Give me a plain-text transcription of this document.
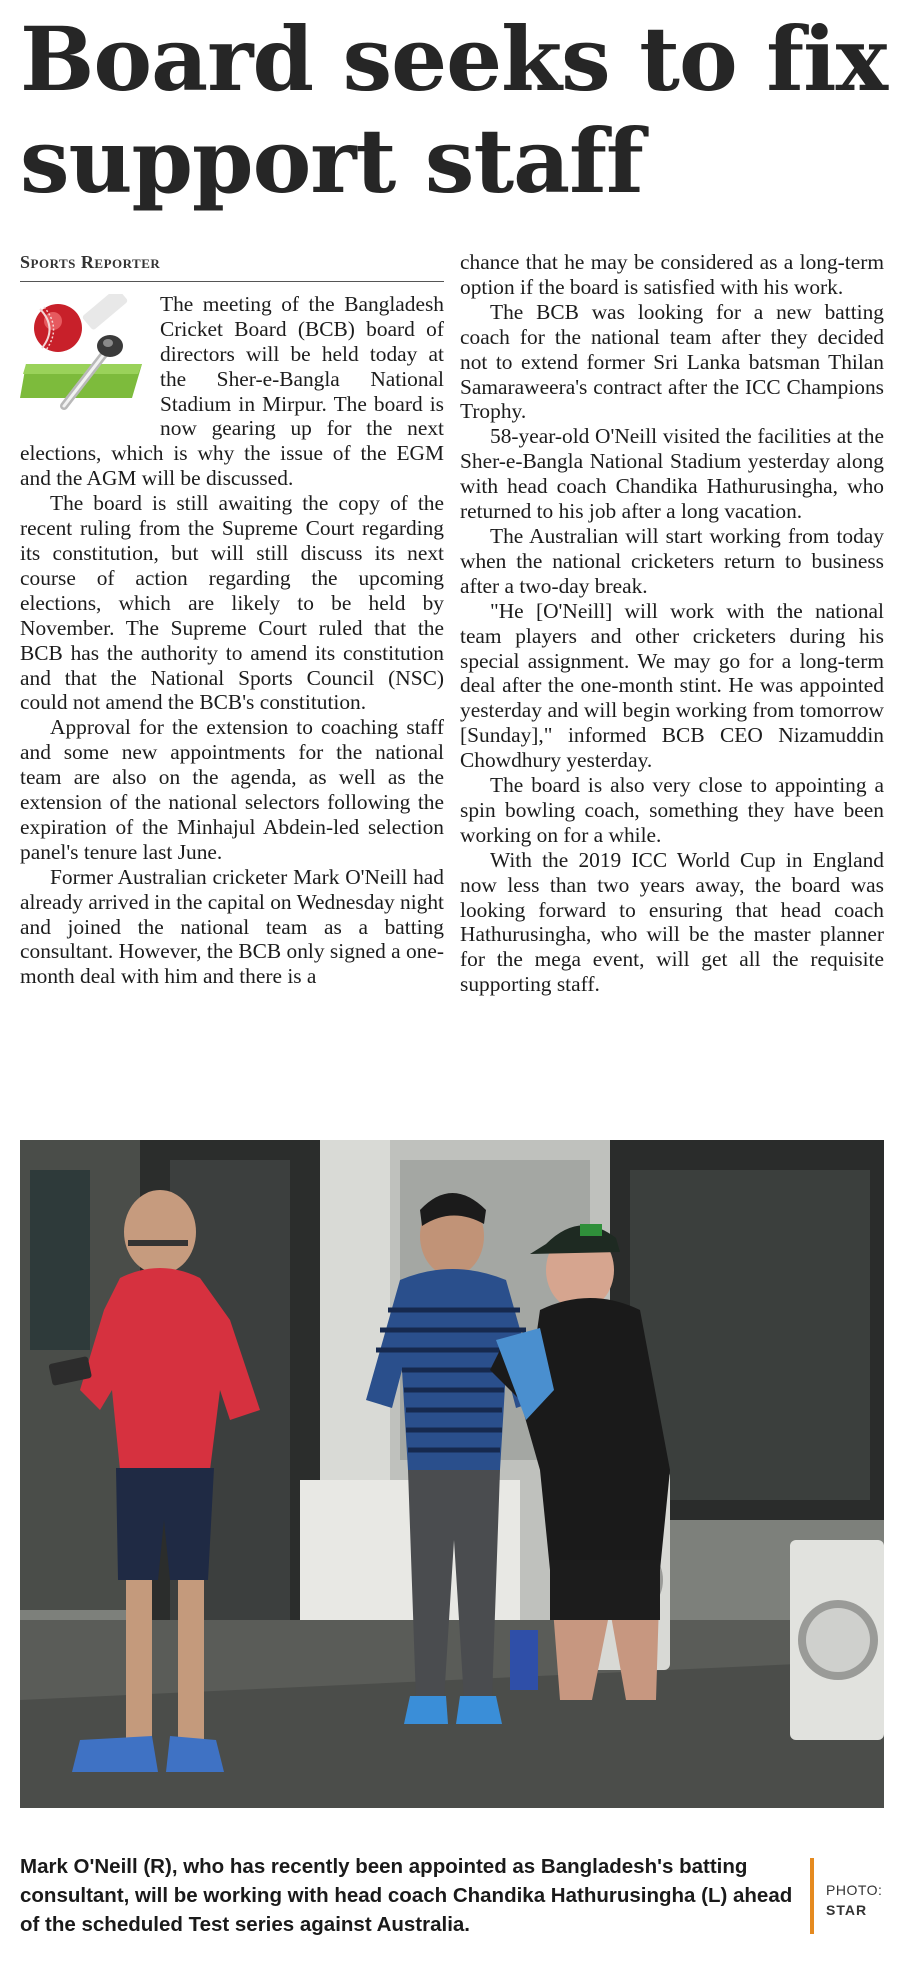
Board seeks to fix support staff
Sports Reporter

The meeting of the Bangladesh Cricket Board (BCB) board of directors will be held today at the Sher-e-Bangla National Stadium in Mirpur. The board is now gearing up for the next elections, which is why the issue of the EGM and the AGM will be discussed.

The board is still awaiting the copy of the recent ruling from the Supreme Court regarding its constitution, but will still discuss its next course of action regarding the upcoming elections, which are likely to be held by November. The Supreme Court ruled that the BCB has the authority to amend its constitution and that the National Sports Council (NSC) could not amend the BCB's constitution.

Approval for the extension to coaching staff and some new appointments for the national team are also on the agenda, as well as the extension of the national selectors following the expiration of the Minhajul Abdein-led selection panel's tenure last June.

Former Australian cricketer Mark O'Neill had already arrived in the capital on Wednesday night and joined the national team as a batting consultant. However, the BCB only signed a one-month deal with him and there is a

chance that he may be considered as a long-term option if the board is satisfied with his work.

The BCB was looking for a new batting coach for the national team after they decided not to extend former Sri Lanka batsman Thilan Samaraweera's contract after the ICC Champions Trophy.

58-year-old O'Neill visited the facilities at the Sher-e-Bangla National Stadium yesterday along with head coach Chandika Hathurusingha, who returned to his job after a long vacation.

The Australian will start working from today when the national cricketers return to business after a two-day break.

"He [O'Neill] will work with the national team players and other cricketers during his special assignment. We may go for a long-term deal after the one-month stint. He was appointed yesterday and will begin working from tomorrow [Sunday]," informed BCB CEO Nizamuddin Chowdhury yesterday.

The board is also very close to appointing a spin bowling coach, something they have been working on for a while.

With the 2019 ICC World Cup in England now less than two years away, the board was looking forward to ensuring that head coach Hathurusingha, who will be the master planner for the mega event, will get all the requisite supporting staff.

Mark O'Neill (R), who has recently been appointed as Bangladesh's batting consultant, will be working with head coach Chandika Hathurusingha (L) ahead of the scheduled Test series against Australia.

PHOTO:
STAR
